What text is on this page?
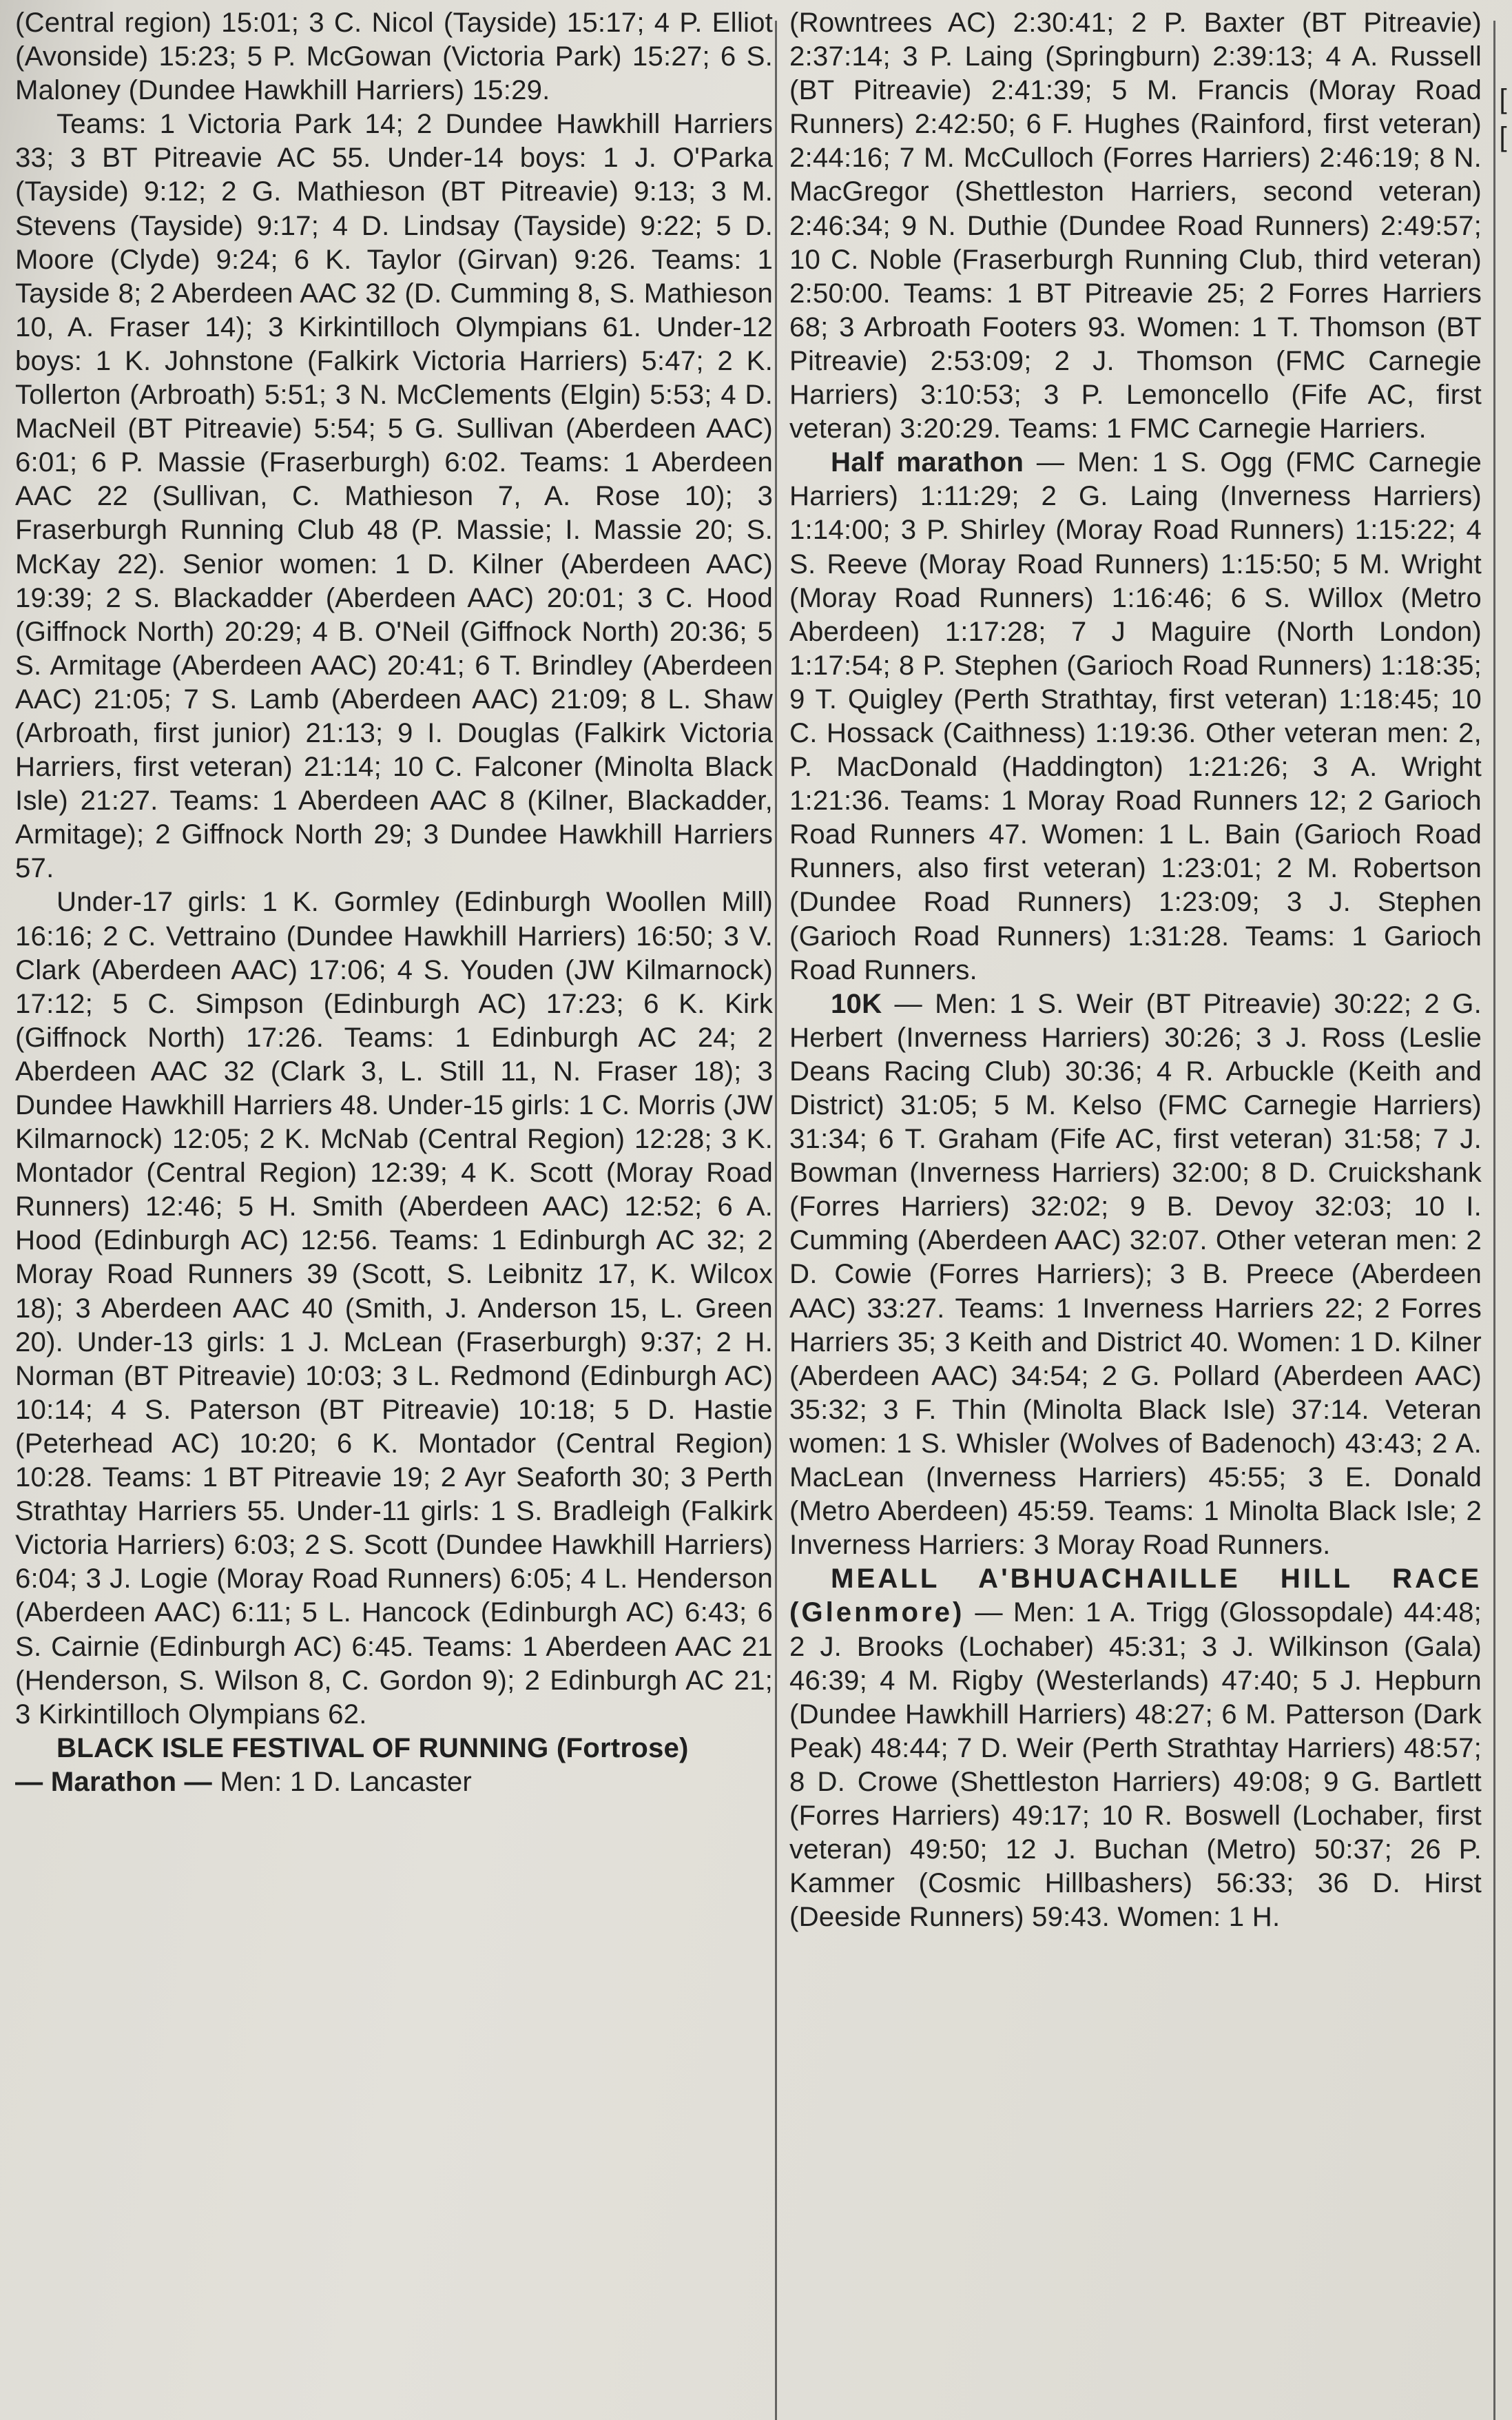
(Central region) 15:01; 3 C. Nicol (Tayside) 15:17; 4 P. Elliot (Avonside) 15:23; 5 P. McGowan (Victoria Park) 15:27; 6 S. Maloney (Dundee Hawkhill Harriers) 15:29.

Teams: 1 Victoria Park 14; 2 Dundee Hawkhill Harriers 33; 3 BT Pitreavie AC 55. Under-14 boys: 1 J. O'Parka (Tayside) 9:12; 2 G. Mathieson (BT Pitreavie) 9:13; 3 M. Stevens (Tayside) 9:17; 4 D. Lindsay (Tayside) 9:22; 5 D. Moore (Clyde) 9:24; 6 K. Taylor (Girvan) 9:26. Teams: 1 Tayside 8; 2 Aberdeen AAC 32 (D. Cumming 8, S. Mathieson 10, A. Fraser 14); 3 Kirkintilloch Olympians 61. Under-12 boys: 1 K. Johnstone (Falkirk Victoria Harriers) 5:47; 2 K. Tollerton (Arbroath) 5:51; 3 N. McClements (Elgin) 5:53; 4 D. MacNeil (BT Pitreavie) 5:54; 5 G. Sullivan (Aberdeen AAC) 6:01; 6 P. Massie (Fraserburgh) 6:02. Teams: 1 Aberdeen AAC 22 (Sullivan, C. Mathieson 7, A. Rose 10); 3 Fraserburgh Running Club 48 (P. Massie; I. Massie 20; S. McKay 22). Senior women: 1 D. Kilner (Aberdeen AAC) 19:39; 2 S. Blackadder (Aberdeen AAC) 20:01; 3 C. Hood (Giffnock North) 20:29; 4 B. O'Neil (Giffnock North) 20:36; 5 S. Armitage (Aberdeen AAC) 20:41; 6 T. Brindley (Aberdeen AAC) 21:05; 7 S. Lamb (Aberdeen AAC) 21:09; 8 L. Shaw (Arbroath, first junior) 21:13; 9 I. Douglas (Falkirk Victoria Harriers, first veteran) 21:14; 10 C. Falconer (Minolta Black Isle) 21:27. Teams: 1 Aberdeen AAC 8 (Kilner, Blackadder, Armitage); 2 Giffnock North 29; 3 Dundee Hawkhill Harriers 57.

Under-17 girls: 1 K. Gormley (Edinburgh Woollen Mill) 16:16; 2 C. Vettraino (Dundee Hawkhill Harriers) 16:50; 3 V. Clark (Aberdeen AAC) 17:06; 4 S. Youden (JW Kilmarnock) 17:12; 5 C. Simpson (Edinburgh AC) 17:23; 6 K. Kirk (Giffnock North) 17:26. Teams: 1 Edinburgh AC 24; 2 Aberdeen AAC 32 (Clark 3, L. Still 11, N. Fraser 18); 3 Dundee Hawkhill Harriers 48. Under-15 girls: 1 C. Morris (JW Kilmarnock) 12:05; 2 K. McNab (Central Region) 12:28; 3 K. Montador (Central Region) 12:39; 4 K. Scott (Moray Road Runners) 12:46; 5 H. Smith (Aberdeen AAC) 12:52; 6 A. Hood (Edinburgh AC) 12:56. Teams: 1 Edinburgh AC 32; 2 Moray Road Runners 39 (Scott, S. Leibnitz 17, K. Wilcox 18); 3 Aberdeen AAC 40 (Smith, J. Anderson 15, L. Green 20). Under-13 girls: 1 J. McLean (Fraserburgh) 9:37; 2 H. Norman (BT Pitreavie) 10:03; 3 L. Redmond (Edinburgh AC) 10:14; 4 S. Paterson (BT Pitreavie) 10:18; 5 D. Hastie (Peterhead AC) 10:20; 6 K. Montador (Central Region) 10:28. Teams: 1 BT Pitreavie 19; 2 Ayr Seaforth 30; 3 Perth Strathtay Harriers 55. Under-11 girls: 1 S. Bradleigh (Falkirk Victoria Harriers) 6:03; 2 S. Scott (Dundee Hawkhill Harriers) 6:04; 3 J. Logie (Moray Road Runners) 6:05; 4 L. Henderson (Aberdeen AAC) 6:11; 5 L. Hancock (Edinburgh AC) 6:43; 6 S. Cairnie (Edinburgh AC) 6:45. Teams: 1 Aberdeen AAC 21 (Henderson, S. Wilson 8, C. Gordon 9); 2 Edinburgh AC 21; 3 Kirkintilloch Olympians 62.

BLACK ISLE FESTIVAL OF RUNNING (Fortrose)
— Marathon — Men: 1 D. Lancaster

(Rowntrees AC) 2:30:41; 2 P. Baxter (BT Pitreavie) 2:37:14; 3 P. Laing (Springburn) 2:39:13; 4 A. Russell (BT Pitreavie) 2:41:39; 5 M. Francis (Moray Road Runners) 2:42:50; 6 F. Hughes (Rainford, first veteran) 2:44:16; 7 M. McCulloch (Forres Harriers) 2:46:19; 8 N. MacGregor (Shettleston Harriers, second veteran) 2:46:34; 9 N. Duthie (Dundee Road Runners) 2:49:57; 10 C. Noble (Fraserburgh Running Club, third veteran) 2:50:00. Teams: 1 BT Pitreavie 25; 2 Forres Harriers 68; 3 Arbroath Footers 93. Women: 1 T. Thomson (BT Pitreavie) 2:53:09; 2 J. Thomson (FMC Carnegie Harriers) 3:10:53; 3 P. Lemoncello (Fife AC, first veteran) 3:20:29. Teams: 1 FMC Carnegie Harriers.

Half marathon — Men: 1 S. Ogg (FMC Carnegie Harriers) 1:11:29; 2 G. Laing (Inverness Harriers) 1:14:00; 3 P. Shirley (Moray Road Runners) 1:15:22; 4 S. Reeve (Moray Road Runners) 1:15:50; 5 M. Wright (Moray Road Runners) 1:16:46; 6 S. Willox (Metro Aberdeen) 1:17:28; 7 J Maguire (North London) 1:17:54; 8 P. Stephen (Garioch Road Runners) 1:18:35; 9 T. Quigley (Perth Strathtay, first veteran) 1:18:45; 10 C. Hossack (Caithness) 1:19:36. Other veteran men: 2, P. MacDonald (Haddington) 1:21:26; 3 A. Wright 1:21:36. Teams: 1 Moray Road Runners 12; 2 Garioch Road Runners 47. Women: 1 L. Bain (Garioch Road Runners, also first veteran) 1:23:01; 2 M. Robertson (Dundee Road Runners) 1:23:09; 3 J. Stephen (Garioch Road Runners) 1:31:28. Teams: 1 Garioch Road Runners.

10K — Men: 1 S. Weir (BT Pitreavie) 30:22; 2 G. Herbert (Inverness Harriers) 30:26; 3 J. Ross (Leslie Deans Racing Club) 30:36; 4 R. Arbuckle (Keith and District) 31:05; 5 M. Kelso (FMC Carnegie Harriers) 31:34; 6 T. Graham (Fife AC, first veteran) 31:58; 7 J. Bowman (Inverness Harriers) 32:00; 8 D. Cruickshank (Forres Harriers) 32:02; 9 B. Devoy 32:03; 10 I. Cumming (Aberdeen AAC) 32:07. Other veteran men: 2 D. Cowie (Forres Harriers); 3 B. Preece (Aberdeen AAC) 33:27. Teams: 1 Inverness Harriers 22; 2 Forres Harriers 35; 3 Keith and District 40. Women: 1 D. Kilner (Aberdeen AAC) 34:54; 2 G. Pollard (Aberdeen AAC) 35:32; 3 F. Thin (Minolta Black Isle) 37:14. Veteran women: 1 S. Whisler (Wolves of Badenoch) 43:43; 2 A. MacLean (Inverness Harriers) 45:55; 3 E. Donald (Metro Aberdeen) 45:59. Teams: 1 Minolta Black Isle; 2 Inverness Harriers: 3 Moray Road Runners.

MEALL A'BHUACHAILLE HILL RACE (Glenmore) — Men: 1 A. Trigg (Glossopdale) 44:48; 2 J. Brooks (Lochaber) 45:31; 3 J. Wilkinson (Gala) 46:39; 4 M. Rigby (Westerlands) 47:40; 5 J. Hepburn (Dundee Hawkhill Harriers) 48:27; 6 M. Patterson (Dark Peak) 48:44; 7 D. Weir (Perth Strathtay Harriers) 48:57; 8 D. Crowe (Shettleston Harriers) 49:08; 9 G. Bartlett (Forres Harriers) 49:17; 10 R. Boswell (Lochaber, first veteran) 49:50; 12 J. Buchan (Metro) 50:37; 26 P. Kammer (Cosmic Hillbashers) 56:33; 36 D. Hirst (Deeside Runners) 59:43. Women: 1 H.

[
[
